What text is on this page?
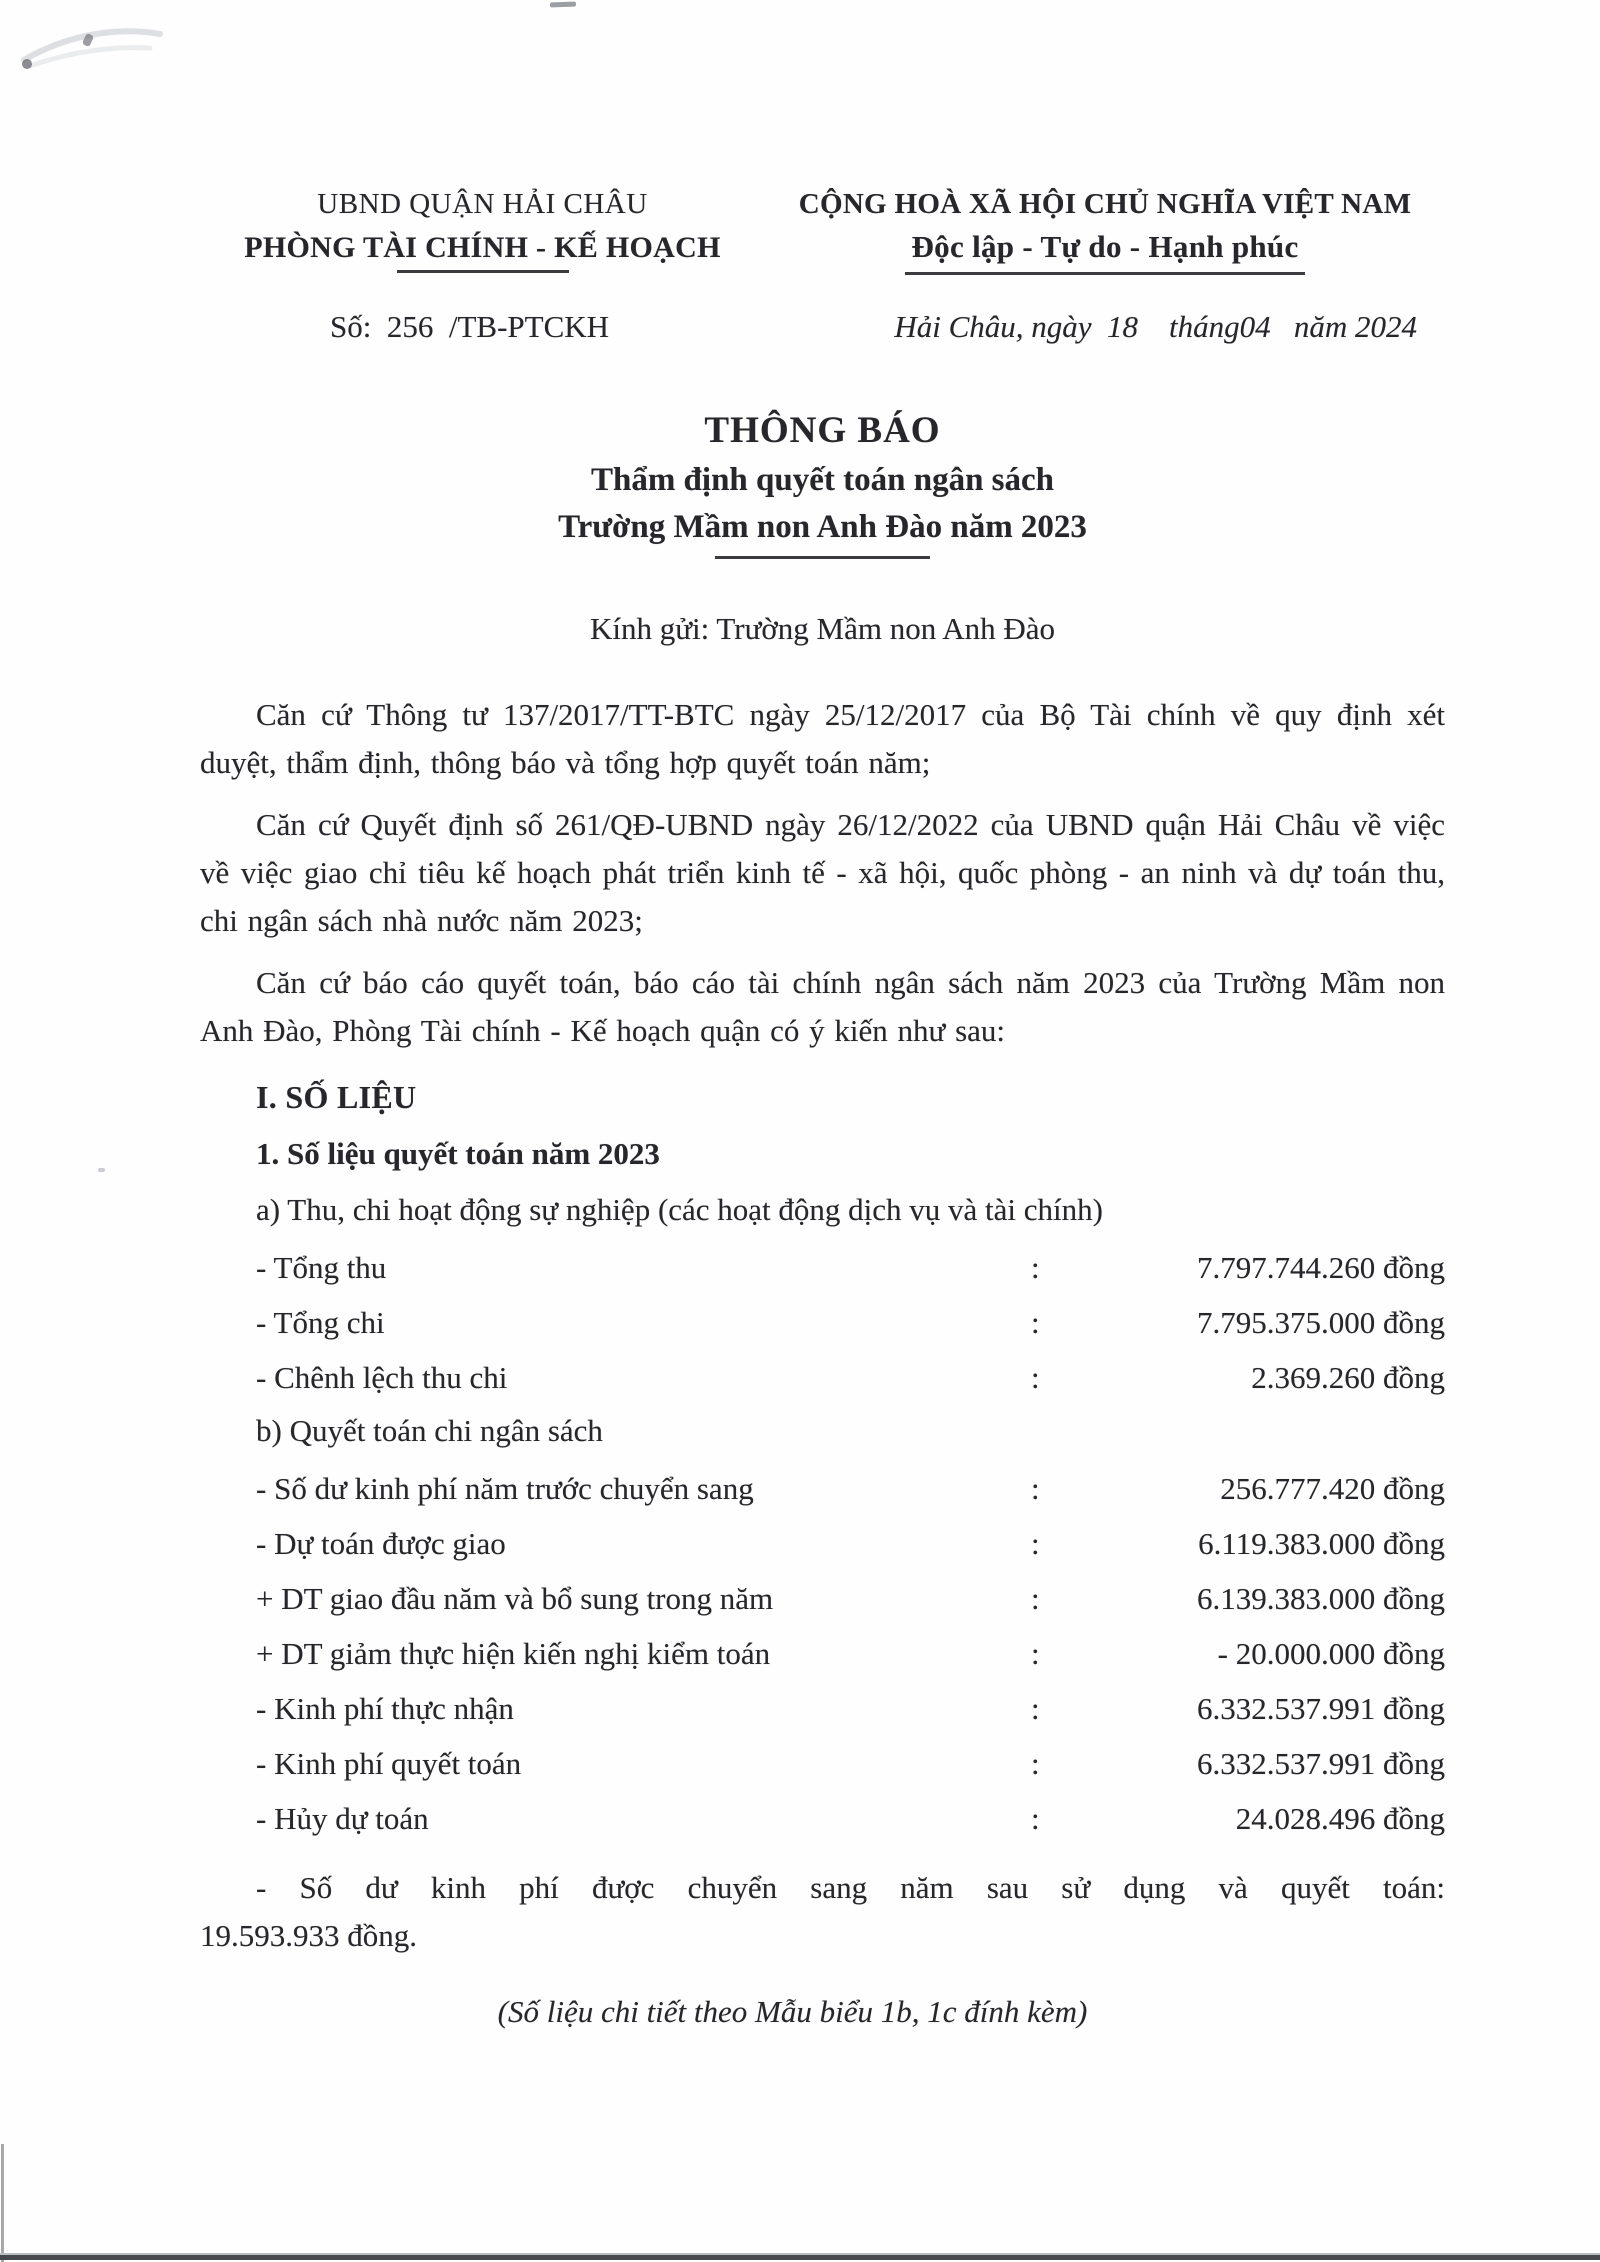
UBND QUẬN HẢI CHÂU
PHÒNG TÀI CHÍNH - KẾ HOẠCH
CỘNG HOÀ XÃ HỘI CHỦ NGHĨA VIỆT NAM
Độc lập - Tự do - Hạnh phúc
Số:  256  /TB-PTCKH	Hải Châu, ngày  18    tháng04   năm 2024
THÔNG BÁO
Thẩm định quyết toán ngân sách
Trường Mầm non Anh Đào năm 2023
Kính gửi: Trường Mầm non Anh Đào

Căn cứ Thông tư 137/2017/TT-BTC ngày 25/12/2017 của Bộ Tài chính về quy định xét duyệt, thẩm định, thông báo và tổng hợp quyết toán năm;

Căn cứ Quyết định số 261/QĐ-UBND ngày 26/12/2022 của UBND quận Hải Châu về việc về việc giao chỉ tiêu kế hoạch phát triển kinh tế - xã hội, quốc phòng - an ninh và dự toán thu, chi ngân sách nhà nước năm 2023;

Căn cứ báo cáo quyết toán, báo cáo tài chính ngân sách năm 2023 của Trường Mầm non Anh Đào, Phòng Tài chính - Kế hoạch quận có ý kiến như sau:

I. SỐ LIỆU
1. Số liệu quyết toán năm 2023
a) Thu, chi hoạt động sự nghiệp (các hoạt động dịch vụ và tài chính)
- Tổng thu	:	7.797.744.260 đồng
- Tổng chi	:	7.795.375.000 đồng
- Chênh lệch thu chi	:	2.369.260 đồng
b) Quyết toán chi ngân sách
- Số dư kinh phí năm trước chuyển sang	:	256.777.420 đồng
- Dự toán được giao	:	6.119.383.000 đồng
+ DT giao đầu năm và bổ sung trong năm	:	6.139.383.000 đồng
+ DT giảm thực hiện kiến nghị kiểm toán	:	- 20.000.000 đồng
- Kinh phí thực nhận	:	6.332.537.991 đồng
- Kinh phí quyết toán	:	6.332.537.991 đồng
- Hủy dự toán	:	24.028.496 đồng
- Số dư kinh phí được chuyển sang năm sau sử dụng và quyết toán:
19.593.933 đồng.
(Số liệu chi tiết theo Mẫu biểu 1b, 1c đính kèm)
